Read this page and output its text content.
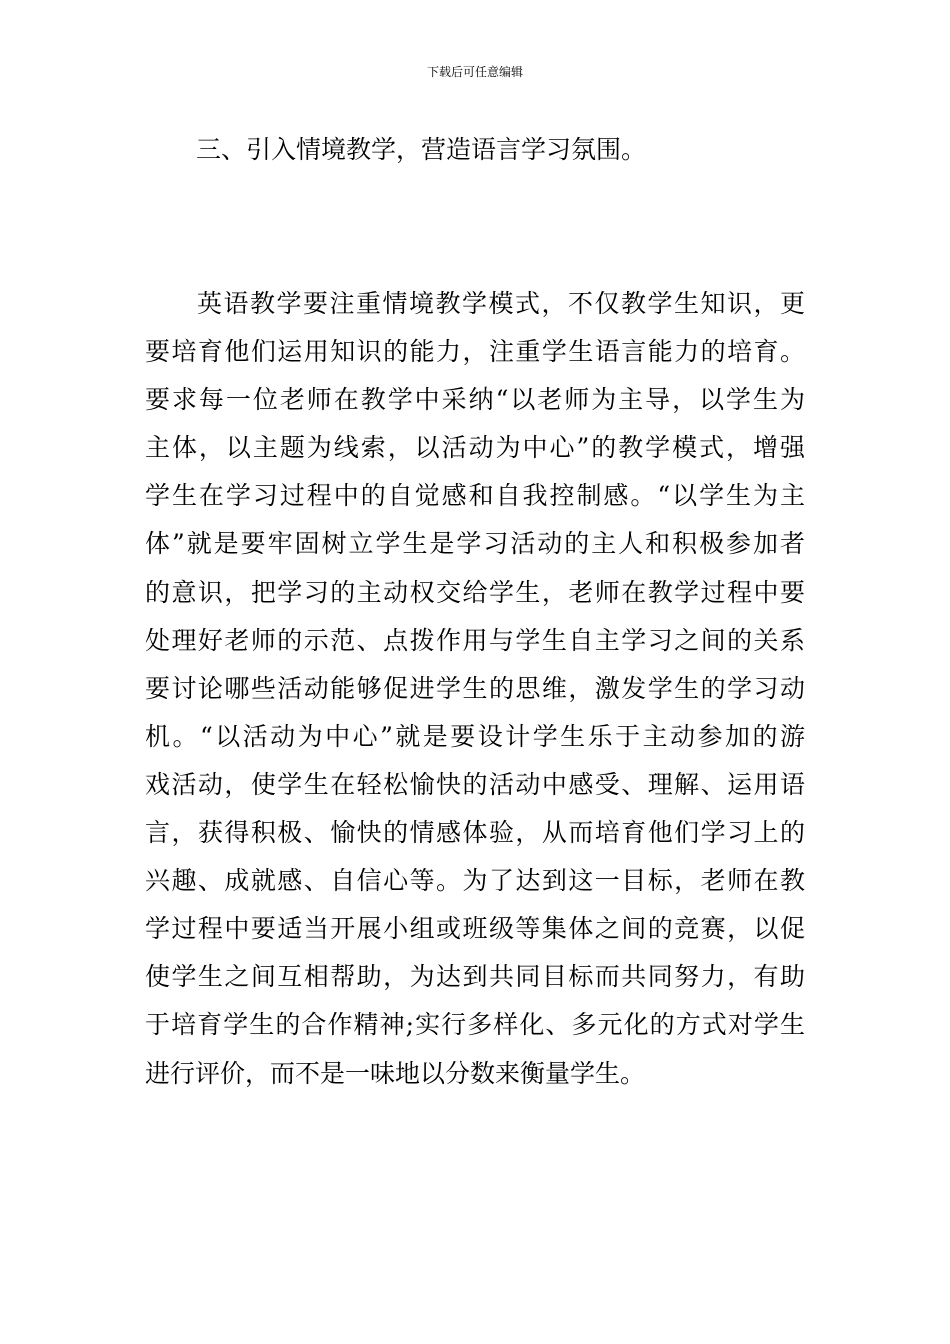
下载后可任意编辑
三、引入情境教学，营造语言学习氛围。
英语教学要注重情境教学模式，不仅教学生知识，更
要培育他们运用知识的能力，注重学生语言能力的培育。
要求每一位老师在教学中采纳“以老师为主导，以学生为
主体，以主题为线索，以活动为中心”的教学模式，增强
学生在学习过程中的自觉感和自我控制感。“以学生为主
体”就是要牢固树立学生是学习活动的主人和积极参加者
的意识，把学习的主动权交给学生，老师在教学过程中要
处理好老师的示范、点拨作用与学生自主学习之间的关系
要讨论哪些活动能够促进学生的思维，激发学生的学习动
机。“以活动为中心”就是要设计学生乐于主动参加的游
戏活动，使学生在轻松愉快的活动中感受、理解、运用语
言，获得积极、愉快的情感体验，从而培育他们学习上的
兴趣、成就感、自信心等。为了达到这一目标，老师在教
学过程中要适当开展小组或班级等集体之间的竞赛，以促
使学生之间互相帮助，为达到共同目标而共同努力，有助
于培育学生的合作精神;实行多样化、多元化的方式对学生
进行评价，而不是一味地以分数来衡量学生。
